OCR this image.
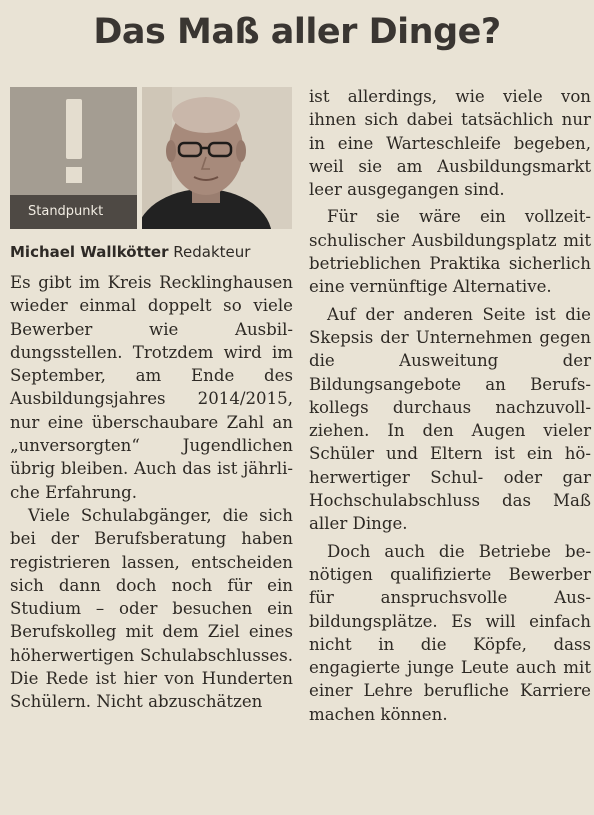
Das Maß aller Dinge?
Standpunkt
Michael Wallkötter Redakteur

Es gibt im Kreis Recklinghausen wieder einmal doppelt so viele Bewerber wie Ausbildungsstellen. Trotzdem wird im September, am Ende des Ausbildungsjahres 2014/2015, nur eine überschaubare Zahl an „unversorgten“ Jugendlichen übrig bleiben. Auch das ist jährliche Erfahrung.

Viele Schulabgänger, die sich bei der Berufsberatung haben registrieren lassen, entscheiden sich dann doch noch für ein Studium – oder besuchen ein Berufskolleg mit dem Ziel eines höherwertigen Schulabschlusses. Die Rede ist hier von Hunderten Schülern. Nicht abzuschätzen

ist allerdings, wie viele von ihnen sich dabei tatsächlich nur in eine Warteschleife begeben, weil sie am Ausbildungsmarkt leer ausgegangen sind.

Für sie wäre ein vollzeitschulischer Ausbildungsplatz mit betrieblichen Praktika sicherlich eine vernünftige Alternative.

Auf der anderen Seite ist die Skepsis der Unternehmen gegen die Ausweitung der Bildungsangebote an Berufskollegs durchaus nachzuvollziehen. In den Augen vieler Schüler und Eltern ist ein höherwertiger Schul- oder gar Hochschulabschluss das Maß aller Dinge.

Doch auch die Betriebe benötigen qualifizierte Bewerber für anspruchsvolle Ausbildungsplätze. Es will einfach nicht in die Köpfe, dass engagierte junge Leute auch mit einer Lehre berufliche Karriere machen können.
